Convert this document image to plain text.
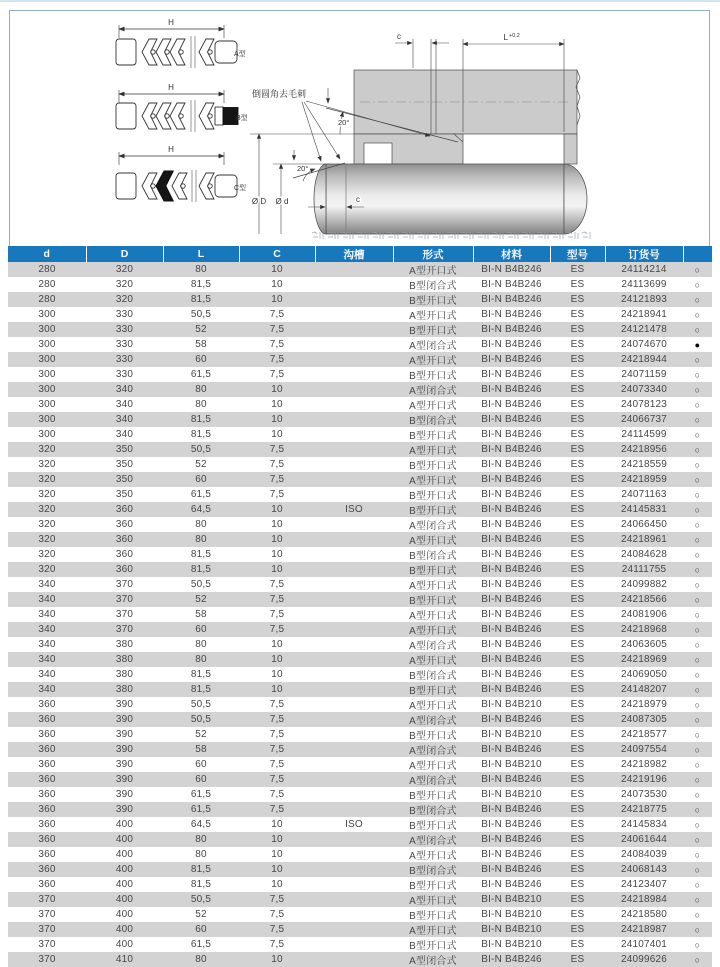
H
A型
H
B型
H
C型
倒圆角去毛刺
c	L +0.2
20°
20°
Ø D Ø d	c
d	D	L	C	沟槽	形式	材料	型号	订货号	
280	320	80	10		A型开口式	BI-N B4B246	ES	24114214	○
280	320	81,5	10		B型闭合式	BI-N B4B246	ES	24113699	○
280	320	81,5	10		B型开口式	BI-N B4B246	ES	24121893	○
300	330	50,5	7,5		A型开口式	BI-N B4B246	ES	24218941	○
300	330	52	7,5		B型开口式	BI-N B4B246	ES	24121478	○
300	330	58	7,5		A型闭合式	BI-N B4B246	ES	24074670	●
300	330	60	7,5		A型开口式	BI-N B4B246	ES	24218944	○
300	330	61,5	7,5		B型开口式	BI-N B4B246	ES	24071159	○
300	340	80	10		A型闭合式	BI-N B4B246	ES	24073340	○
300	340	80	10		A型开口式	BI-N B4B246	ES	24078123	○
300	340	81,5	10		B型闭合式	BI-N B4B246	ES	24066737	○
300	340	81,5	10		B型开口式	BI-N B4B246	ES	24114599	○
320	350	50,5	7,5		A型开口式	BI-N B4B246	ES	24218956	○
320	350	52	7,5		B型开口式	BI-N B4B246	ES	24218559	○
320	350	60	7,5		A型开口式	BI-N B4B246	ES	24218959	○
320	350	61,5	7,5		B型开口式	BI-N B4B246	ES	24071163	○
320	360	64,5	10	ISO	B型开口式	BI-N B4B246	ES	24145831	○
320	360	80	10		A型闭合式	BI-N B4B246	ES	24066450	○
320	360	80	10		A型开口式	BI-N B4B246	ES	24218961	○
320	360	81,5	10		B型闭合式	BI-N B4B246	ES	24084628	○
320	360	81,5	10		B型开口式	BI-N B4B246	ES	24111755	○
340	370	50,5	7,5		A型开口式	BI-N B4B246	ES	24099882	○
340	370	52	7,5		B型开口式	BI-N B4B246	ES	24218566	○
340	370	58	7,5		A型开口式	BI-N B4B246	ES	24081906	○
340	370	60	7,5		A型开口式	BI-N B4B246	ES	24218968	○
340	380	80	10		A型闭合式	BI-N B4B246	ES	24063605	○
340	380	80	10		A型开口式	BI-N B4B246	ES	24218969	○
340	380	81,5	10		B型闭合式	BI-N B4B246	ES	24069050	○
340	380	81,5	10		B型开口式	BI-N B4B246	ES	24148207	○
360	390	50,5	7,5		A型开口式	BI-N B4B210	ES	24218979	○
360	390	50,5	7,5		A型闭合式	BI-N B4B246	ES	24087305	○
360	390	52	7,5		B型开口式	BI-N B4B210	ES	24218577	○
360	390	58	7,5		A型闭合式	BI-N B4B246	ES	24097554	○
360	390	60	7,5		A型开口式	BI-N B4B210	ES	24218982	○
360	390	60	7,5		A型闭合式	BI-N B4B246	ES	24219196	○
360	390	61,5	7,5		B型开口式	BI-N B4B210	ES	24073530	○
360	390	61,5	7,5		B型闭合式	BI-N B4B246	ES	24218775	○
360	400	64,5	10	ISO	B型开口式	BI-N B4B246	ES	24145834	○
360	400	80	10		A型闭合式	BI-N B4B246	ES	24061644	○
360	400	80	10		A型开口式	BI-N B4B246	ES	24084039	○
360	400	81,5	10		B型闭合式	BI-N B4B246	ES	24068143	○
360	400	81,5	10		B型开口式	BI-N B4B246	ES	24123407	○
370	400	50,5	7,5		A型开口式	BI-N B4B210	ES	24218984	○
370	400	52	7,5		B型开口式	BI-N B4B210	ES	24218580	○
370	400	60	7,5		A型开口式	BI-N B4B210	ES	24218987	○
370	400	61,5	7,5		B型开口式	BI-N B4B210	ES	24107401	○
370	410	80	10		A型闭合式	BI-N B4B246	ES	24099626	○
